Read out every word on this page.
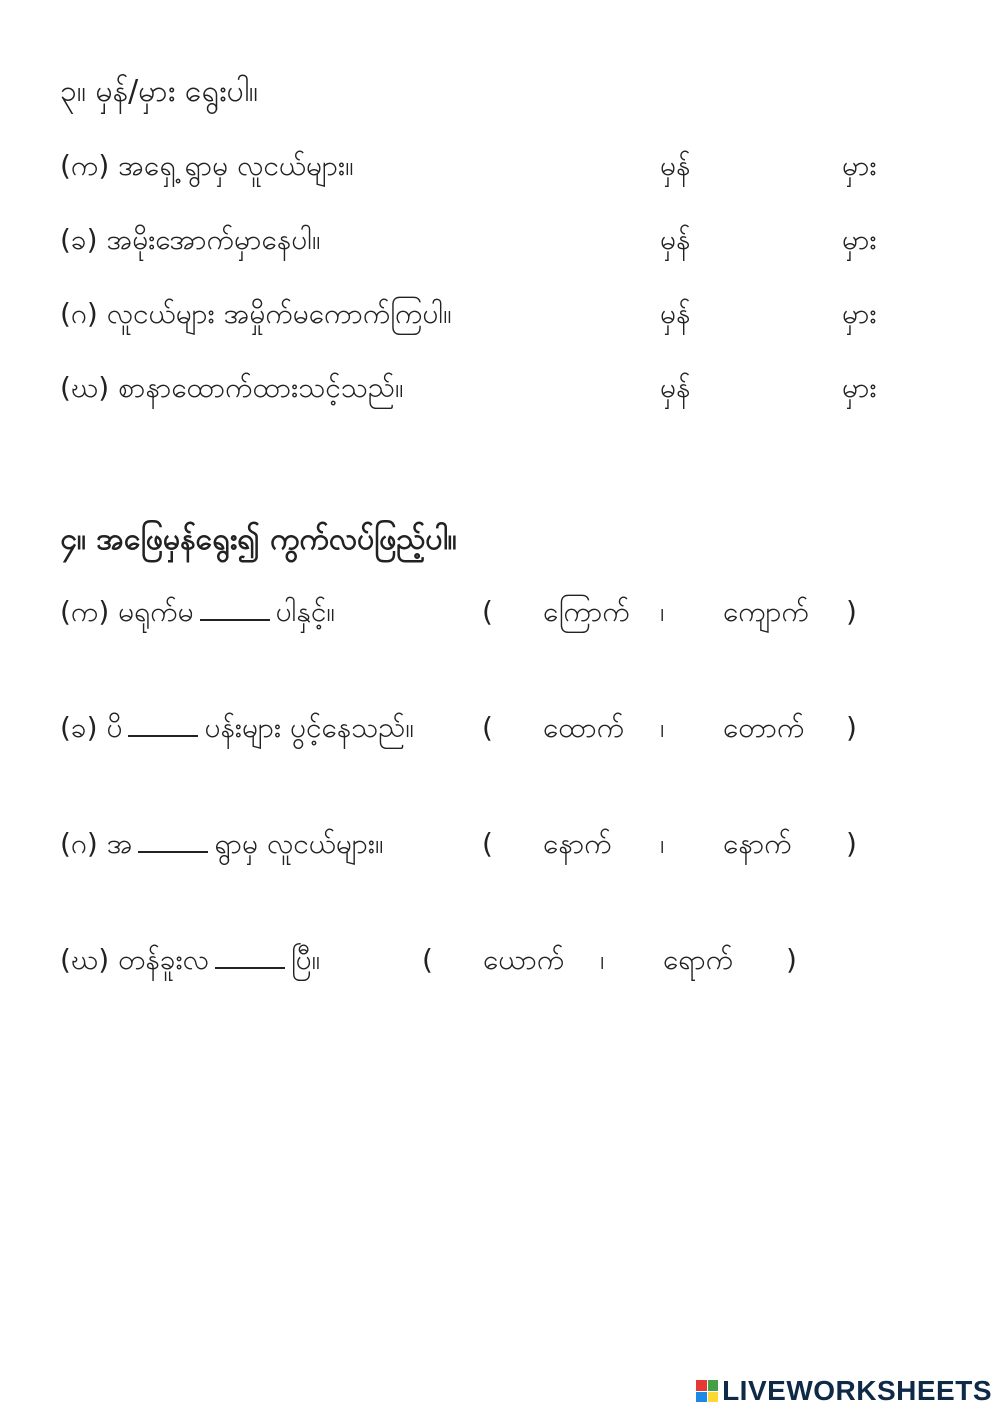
၃။ မှန်/မှား ရွေးပါ။
(က) အရှေ့ ရွာမှ လူငယ်များ။	မှန်	မှား
(ခ) အမိုးအောက်မှာနေပါ။	မှန်	မှား
(ဂ) လူငယ်များ အမှိုက်မကောက်ကြပါ။	မှန်	မှား
(ဃ) စာနာထောက်ထားသင့်သည်။	မှန်	မှား
၄။ အဖြေမှန်ရွေး၍ ကွက်လပ်ဖြည့်ပါ။
(က) မရုက်မ	ပါနှင့်။	( ကြောက် ၊ ကျောက် )
(ခ) ပိ	ပန်းများ ပွင့်နေသည်။ ( ထောက် ၊ တောက် )
(ဂ) အ	ရွာမှ လူငယ်များ။	( နောက် ၊ နောက် )
(ဃ) တန်ခူးလ	ပြီ။	( ယောက် ၊ ရောက် )
LIVEWORKSHEETS
